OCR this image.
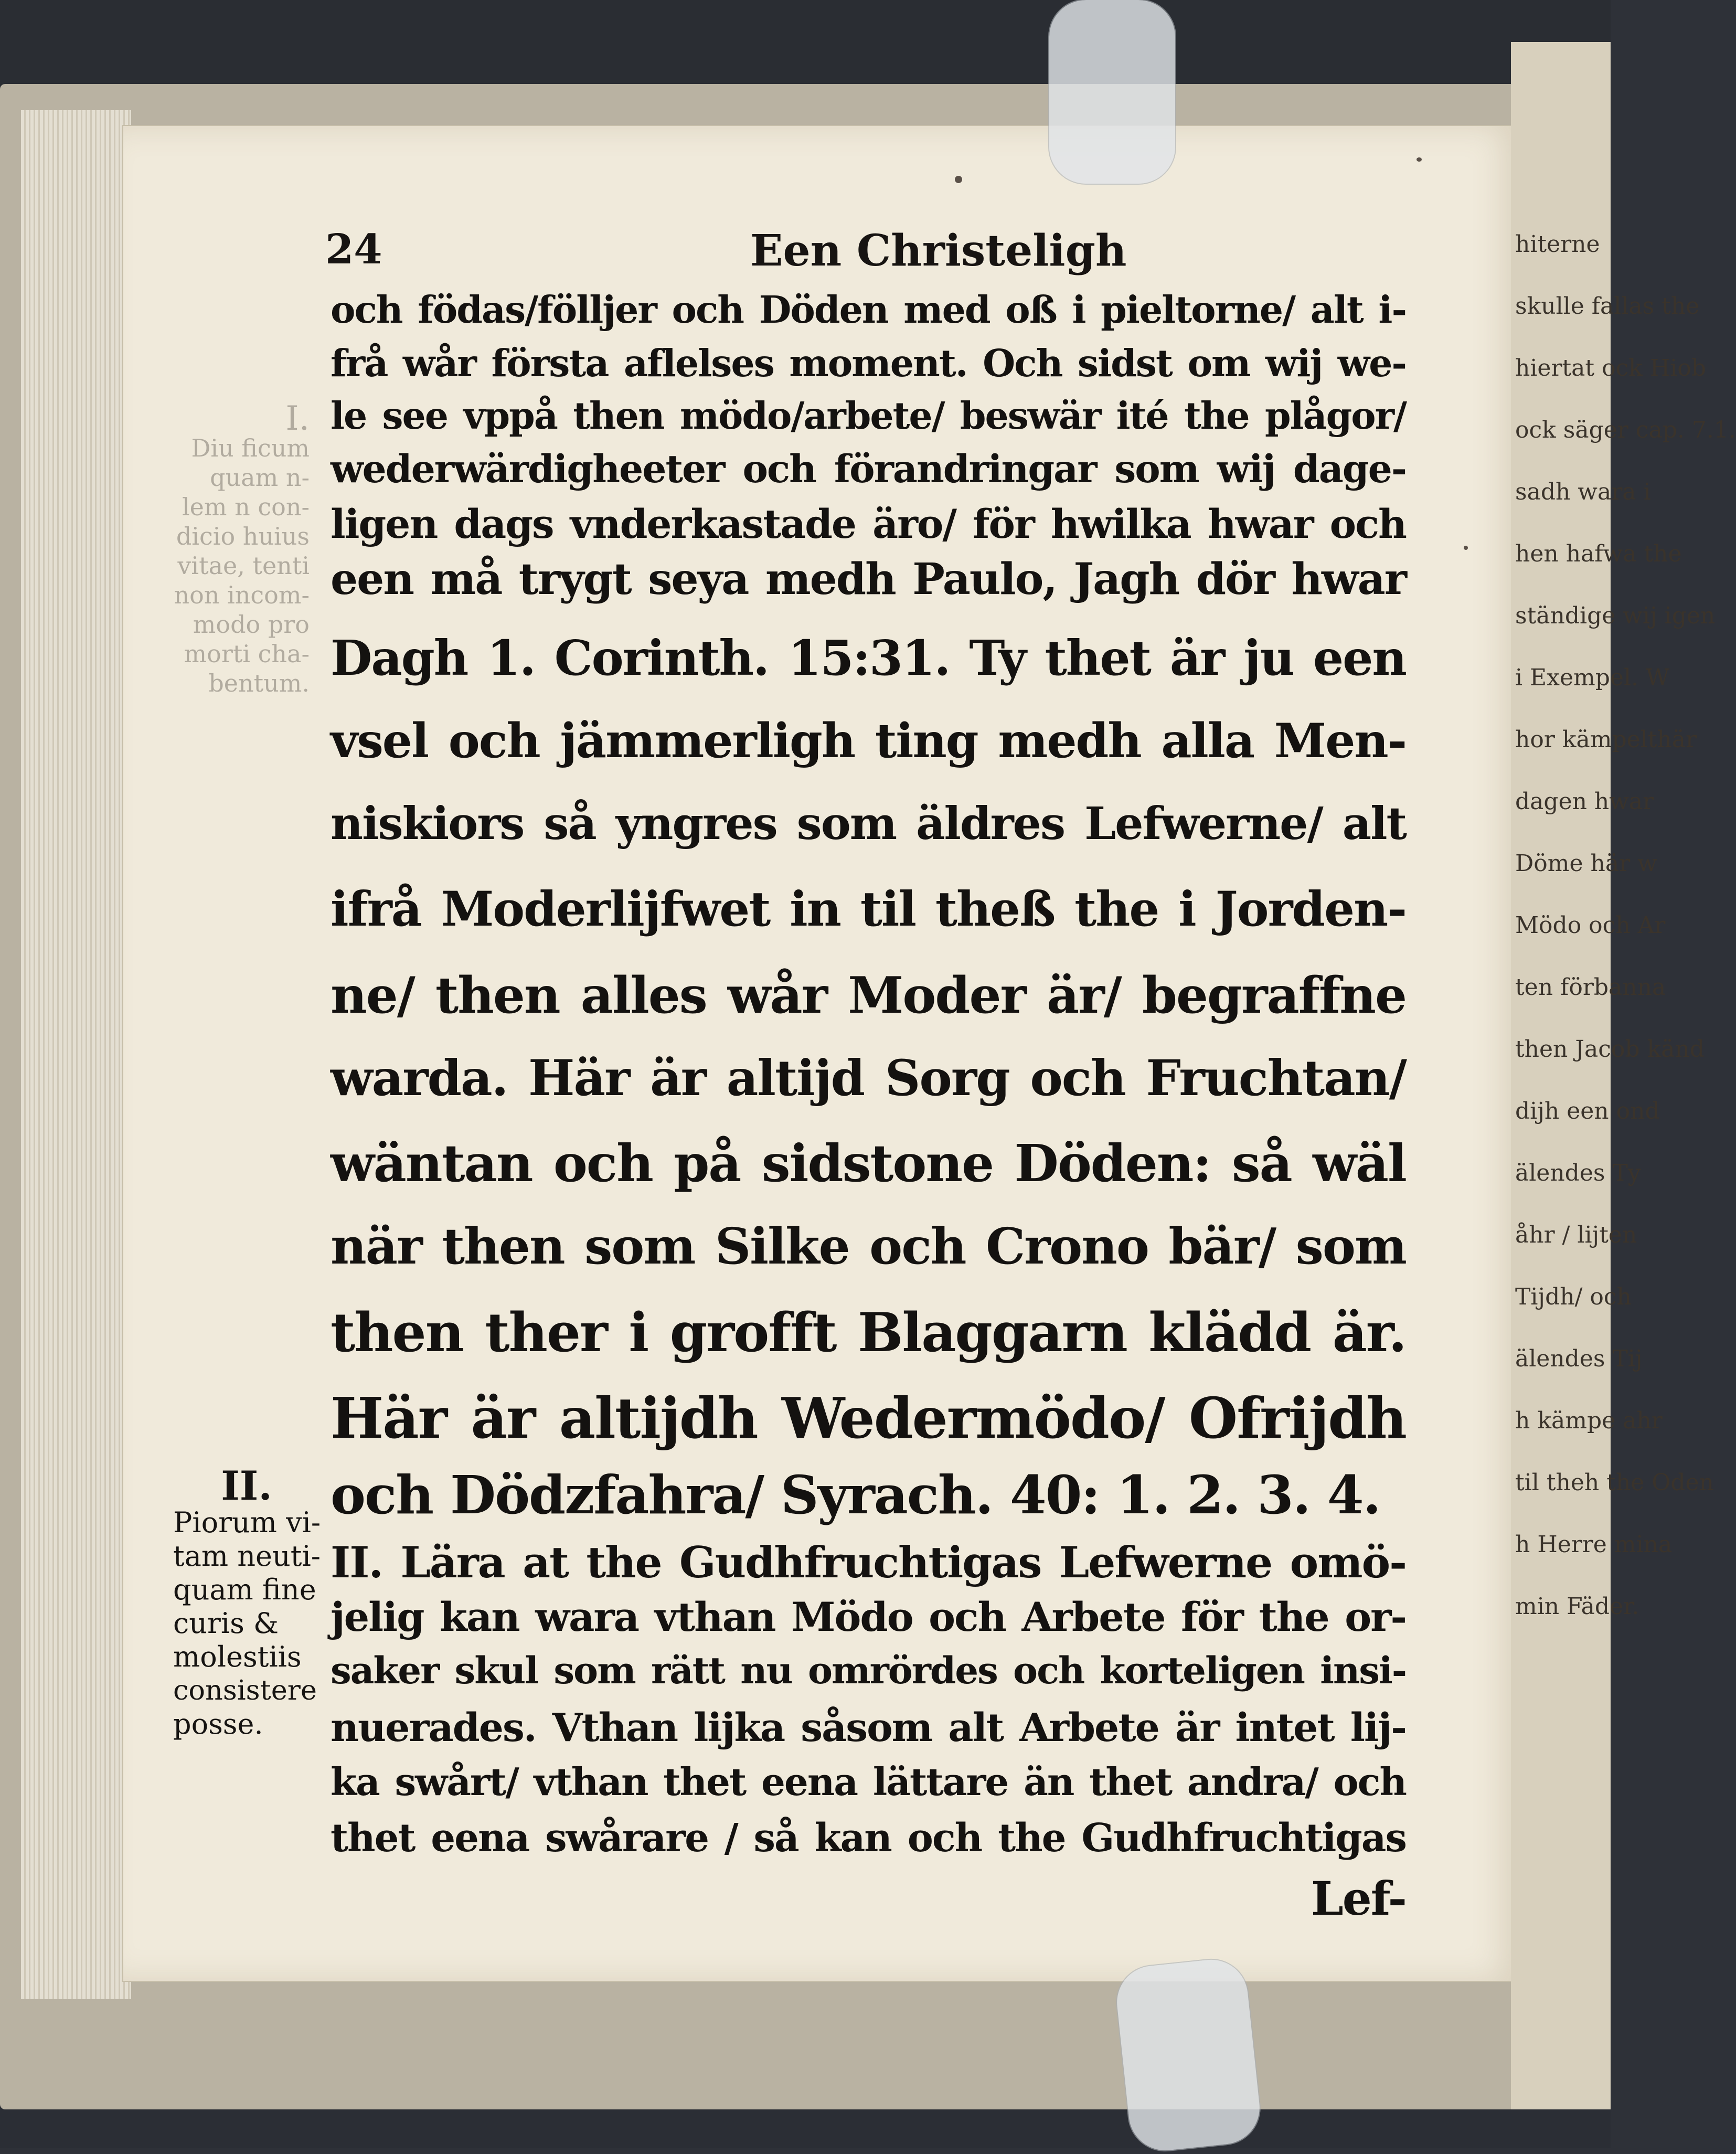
hiterne
skulle fallas the
hiertat ock Hiob
ock säger cap. 7.1.
sadh wara i
hen hafwa the
ständige wij igen
i Exempel. W
hor kämpelthär
dagen hwar
Döme här w
Mödo och Ar
ten förbanna
then Jacob känd
dijh een ond
älendes Ty
åhr / lijten
Tijdh/ och
älendes Tij
h kämpe ahr
til theh the Oden
h Herre mina
min Fäder.
24	Een Christeligh
och födas/fölljer och Döden med oß i pieltorne/ alt i-
frå wår första aflelses moment. Och sidst om wij we-
le see vppå then mödo/arbete/ beswär ité the plågor/
wederwärdigheeter och förandringar som wij dage-
ligen dags vnderkastade äro/ för hwilka hwar och
een må trygt seya medh Paulo, Jagh dör hwar
Dagh 1. Corinth. 15:31. Ty thet är ju een
vsel och jämmerligh ting medh alla Men-
niskiors så yngres som äldres Lefwerne/ alt
ifrå Moderlijfwet in til theß the i Jorden-
ne/ then alles wår Moder är/ begraffne
warda. Här är altijd Sorg och Fruchtan/
wäntan och på sidstone Döden: så wäl
när then som Silke och Crono bär/ som
then ther i grofft Blaggarn klädd är.
Här är altijdh Wedermödo/ Ofrijdh
och Dödzfahra/ Syrach. 40: 1. 2. 3. 4.
II. Lära at the Gudhfruchtigas Lefwerne omö-
jelig kan wara vthan Mödo och Arbete för the or-
saker skul som rätt nu omrördes och korteligen insi-
nuerades. Vthan lijka såsom alt Arbete är intet lij-
ka swårt/ vthan thet eena lättare än thet andra/ och
thet eena swårare / så kan och the Gudhfruchtigas
Lef-
I.
Diu ficum
quam n-
lem n con-
dicio huius
vitae, tenti
non incom-
modo pro
morti cha-
bentum.
II.
Piorum vi-
tam neuti-
quam fine
curis &
molestiis
consistere
posse.
